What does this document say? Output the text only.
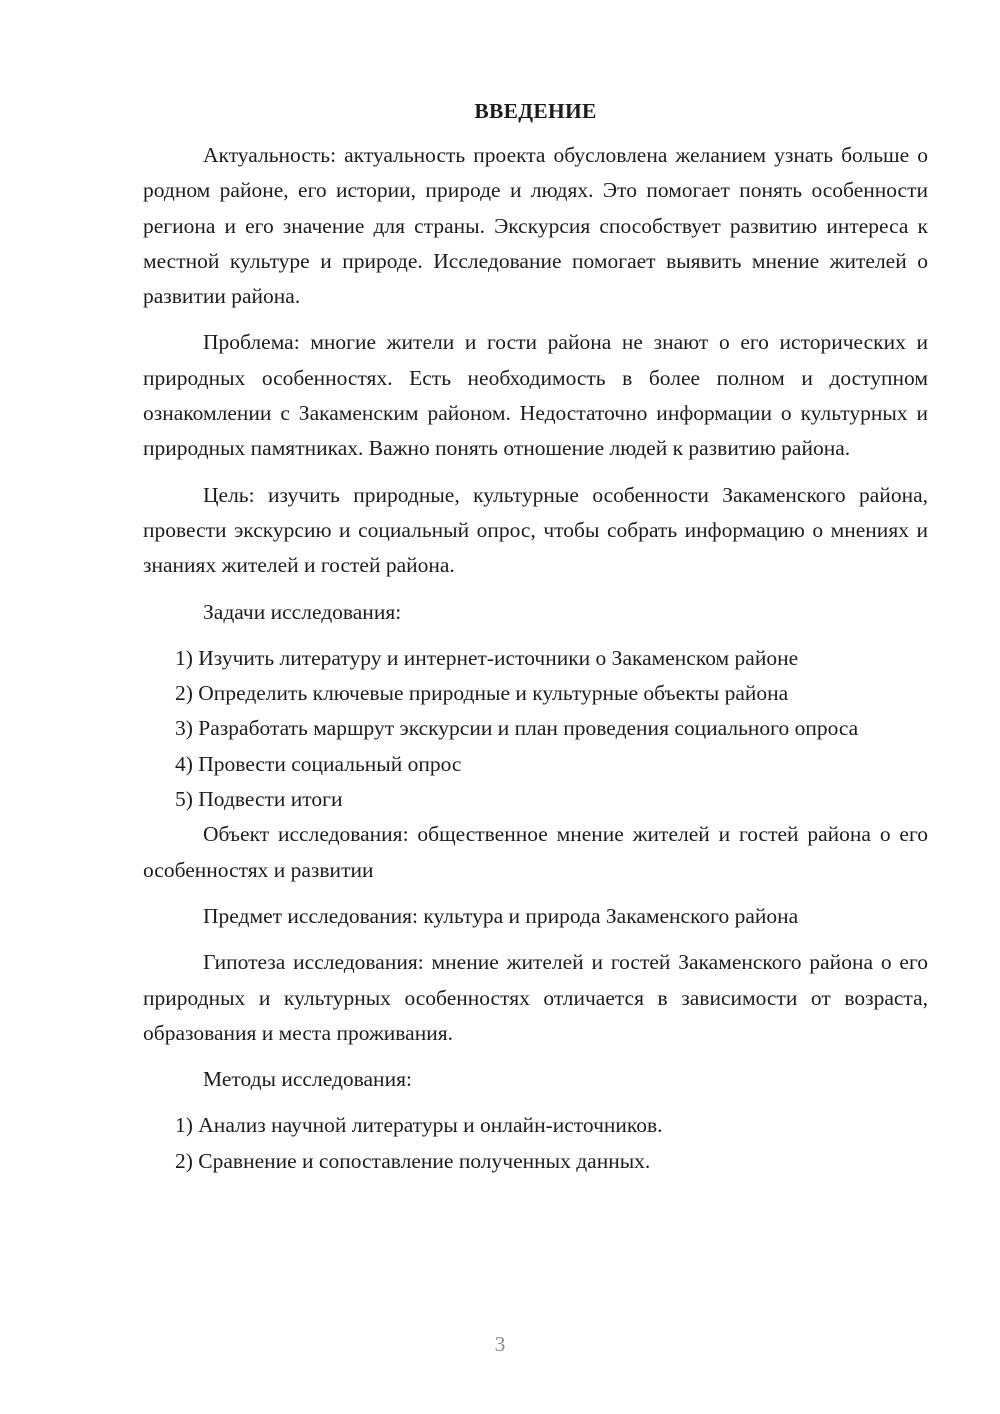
ВВЕДЕНИЕ

Актуальность: актуальность проекта обусловлена желанием узнать больше о родном районе, его истории, природе и людях. Это помогает понять особенности региона и его значение для страны. Экскурсия способствует развитию интереса к местной культуре и природе. Исследование помогает выявить мнение жителей о развитии района.

Проблема: многие жители и гости района не знают о его исторических и природных особенностях. Есть необходимость в более полном и доступном ознакомлении с Закаменским районом. Недостаточно информации о культурных и природных памятниках. Важно понять отношение людей к развитию района.

Цель: изучить природные, культурные особенности Закаменского района, провести экскурсию и социальный опрос, чтобы собрать информацию о мнениях и знаниях жителей и гостей района.

Задачи исследования:

1) Изучить литературу и интернет-источники о Закаменском районе

2) Определить ключевые природные и культурные объекты района

3) Разработать маршрут экскурсии и план проведения социального опроса

4) Провести социальный опрос

5) Подвести итоги

Объект исследования: общественное мнение жителей и гостей района о его особенностях и развитии

Предмет исследования: культура и природа Закаменского района

Гипотеза исследования: мнение жителей и гостей Закаменского района о его природных и культурных особенностях отличается в зависимости от возраста, образования и места проживания.

Методы исследования:

1) Анализ научной литературы и онлайн-источников.

2) Сравнение и сопоставление полученных данных.

3
